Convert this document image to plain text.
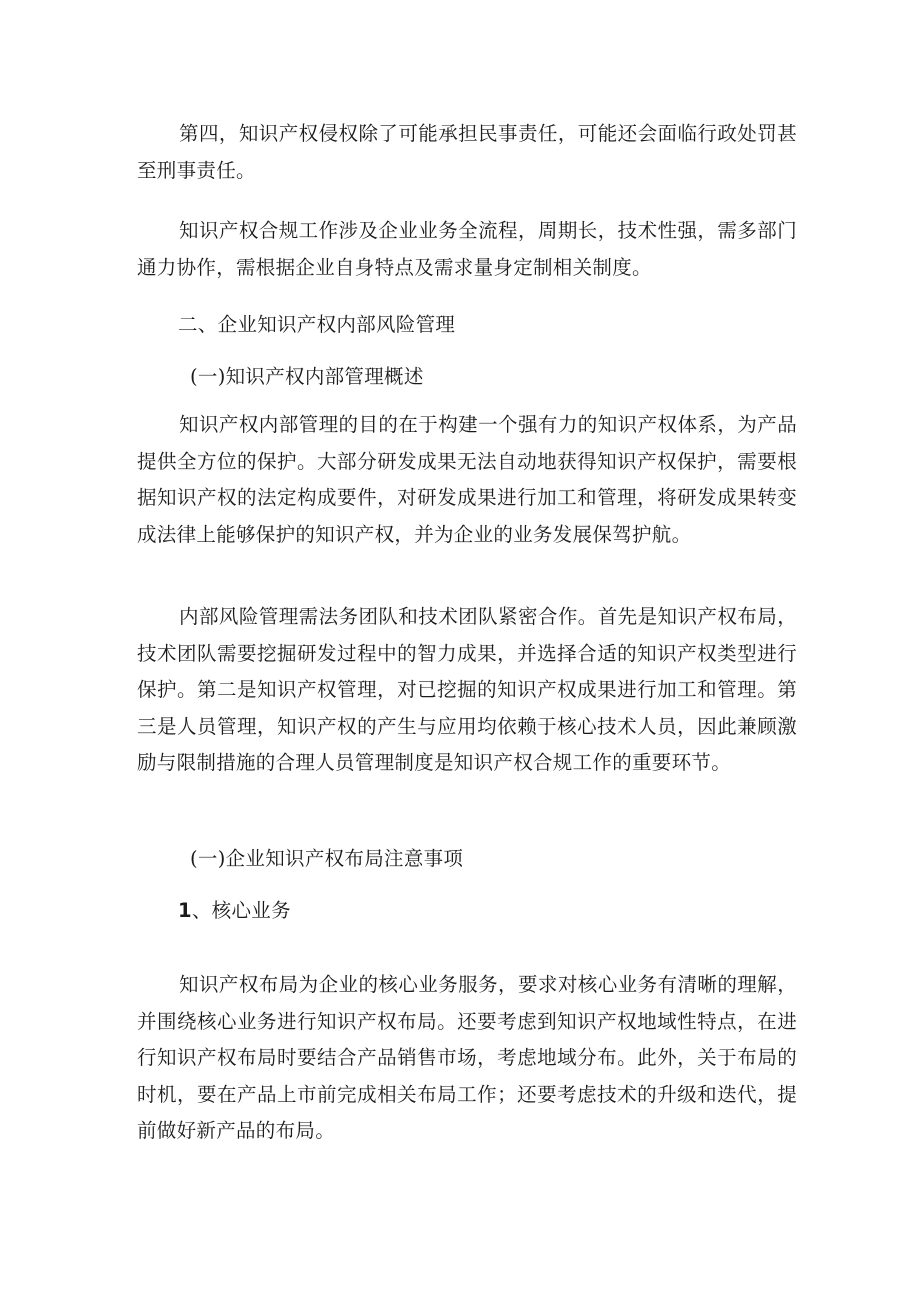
第四，知识产权侵权除了可能承担民事责任，可能还会面临行政处罚甚至刑事责任。

知识产权合规工作涉及企业业务全流程，周期长，技术性强，需多部门通力协作，需根据企业自身特点及需求量身定制相关制度。

二、企业知识产权内部风险管理

(一)知识产权内部管理概述

知识产权内部管理的目的在于构建一个强有力的知识产权体系，为产品提供全方位的保护。大部分研发成果无法自动地获得知识产权保护，需要根据知识产权的法定构成要件，对研发成果进行加工和管理，将研发成果转变成法律上能够保护的知识产权，并为企业的业务发展保驾护航。

内部风险管理需法务团队和技术团队紧密合作。首先是知识产权布局，技术团队需要挖掘研发过程中的智力成果，并选择合适的知识产权类型进行保护。第二是知识产权管理，对已挖掘的知识产权成果进行加工和管理。第三是人员管理，知识产权的产生与应用均依赖于核心技术人员，因此兼顾激励与限制措施的合理人员管理制度是知识产权合规工作的重要环节。

(一)企业知识产权布局注意事项

1、核心业务

知识产权布局为企业的核心业务服务，要求对核心业务有清晰的理解，并围绕核心业务进行知识产权布局。还要考虑到知识产权地域性特点，在进行知识产权布局时要结合产品销售市场，考虑地域分布。此外，关于布局的时机，要在产品上市前完成相关布局工作；还要考虑技术的升级和迭代，提前做好新产品的布局。
